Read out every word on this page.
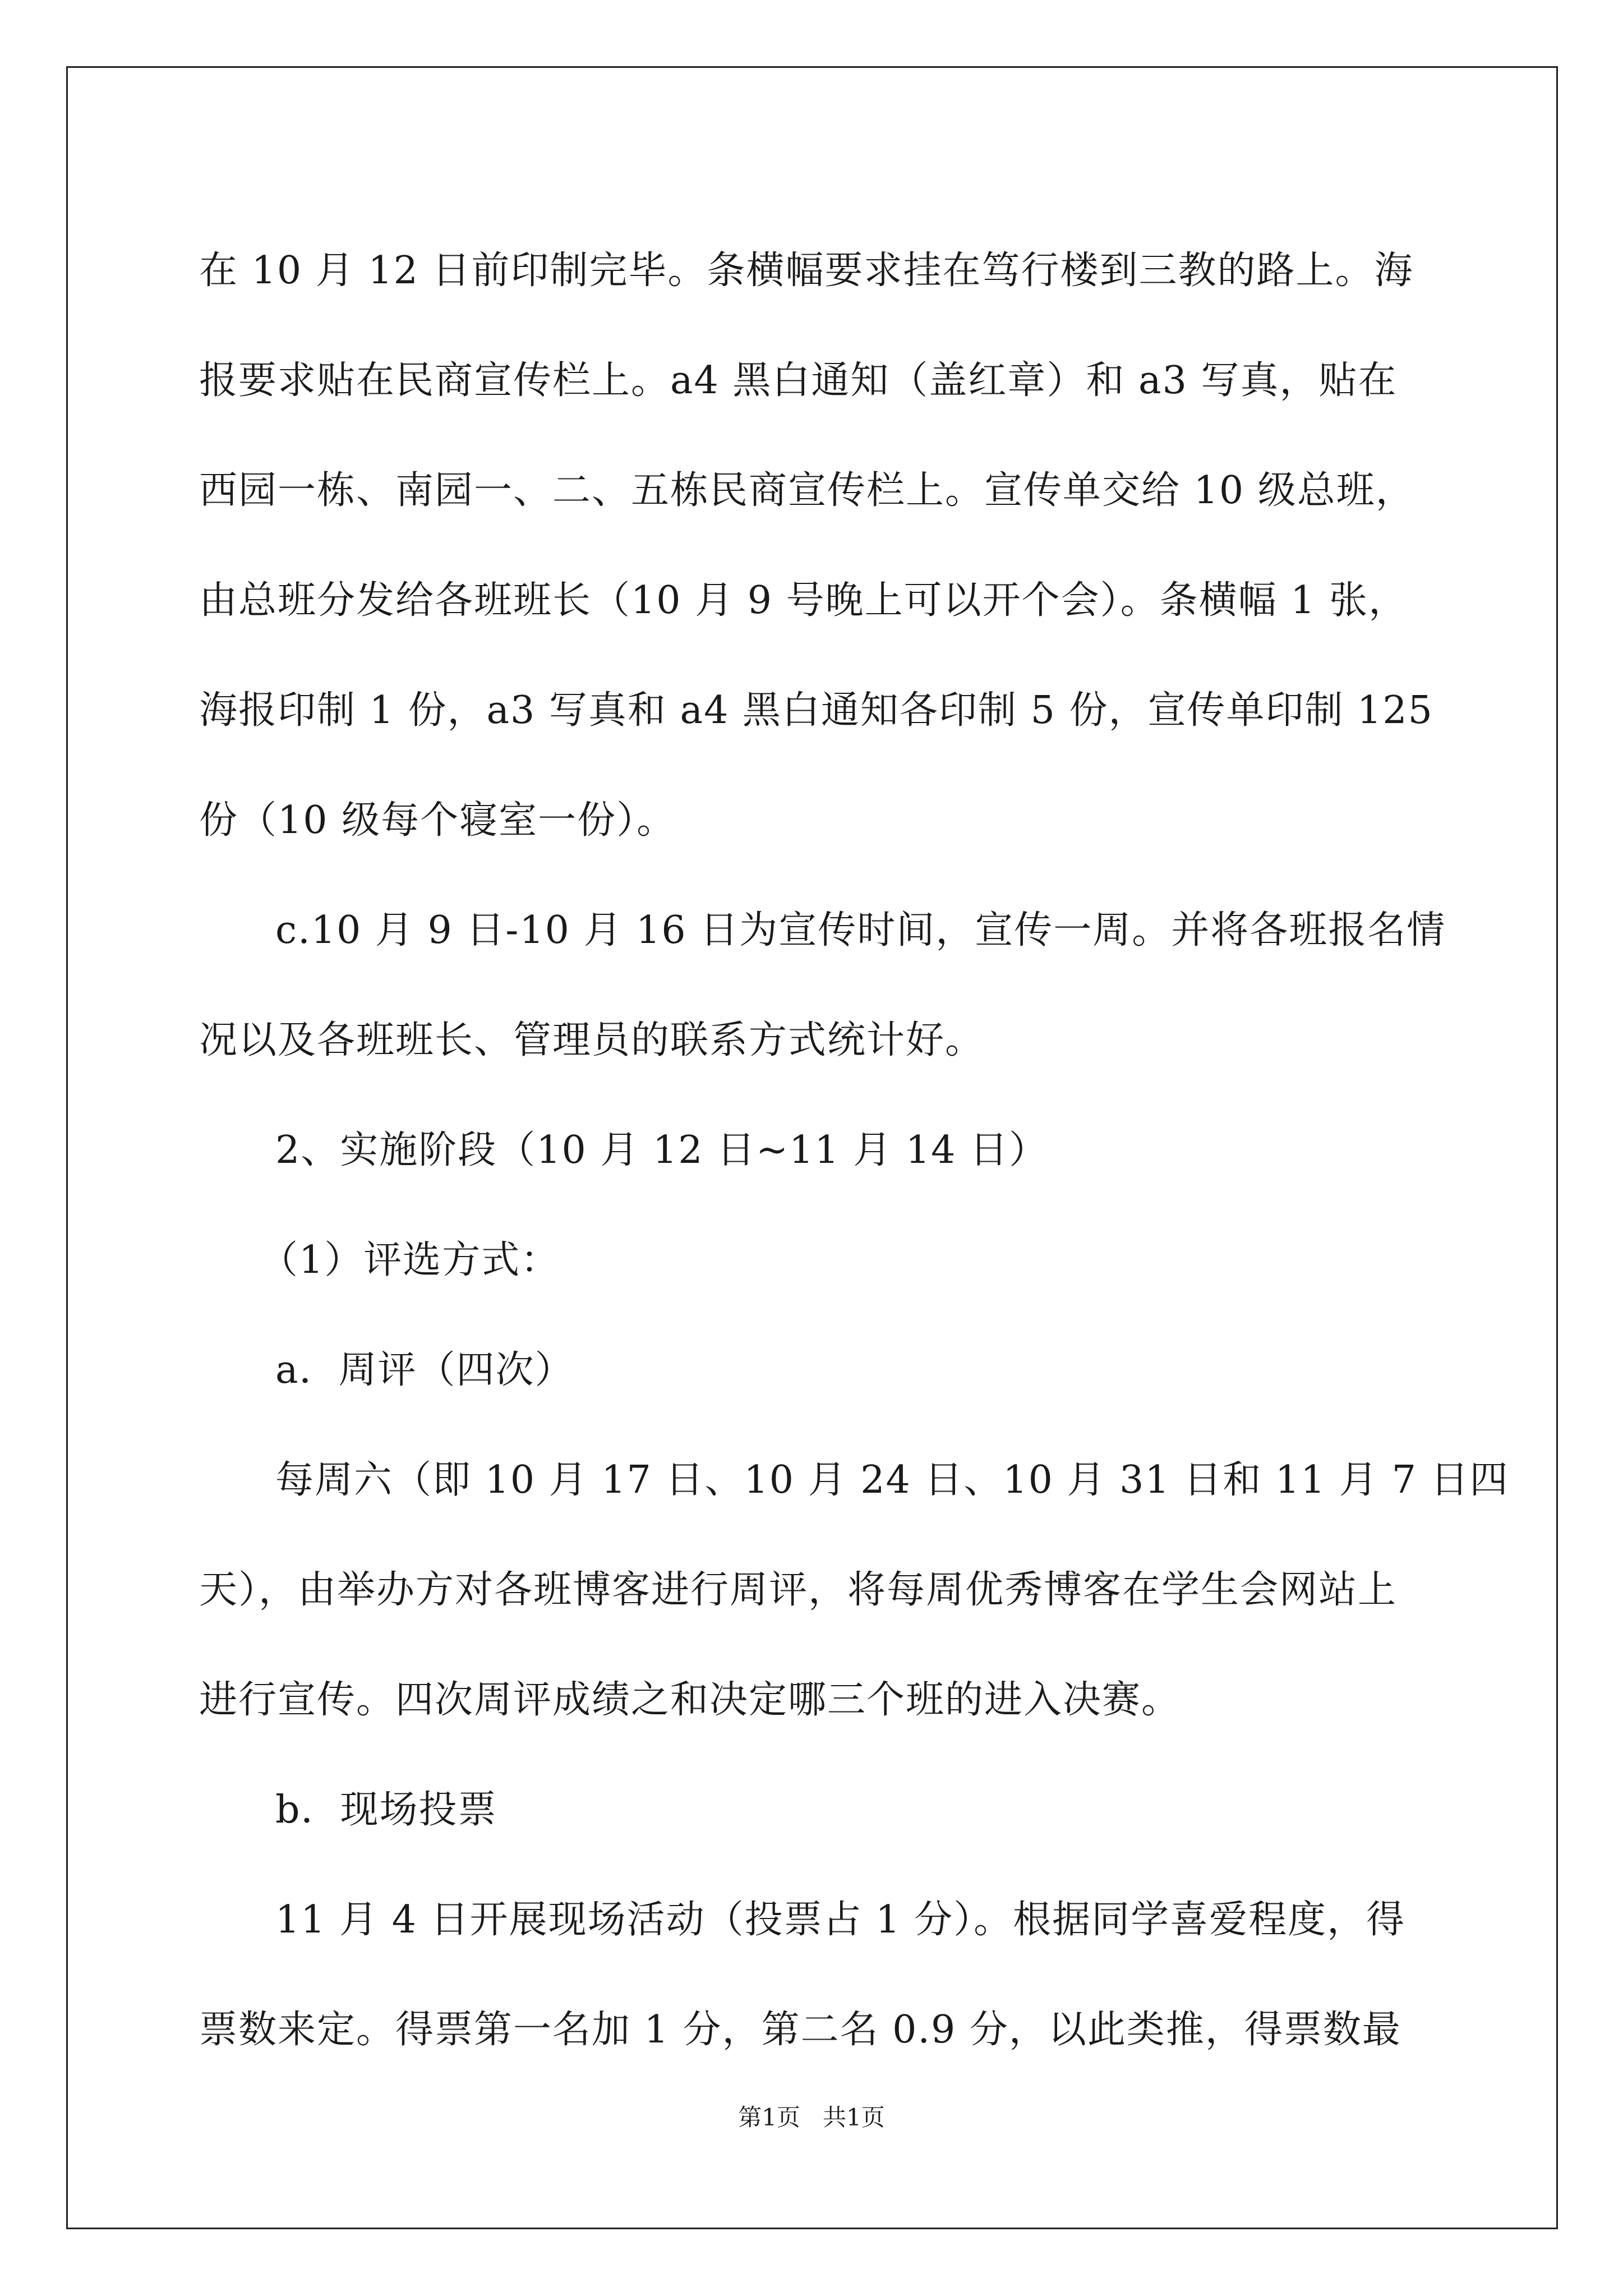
在 10 月 12 日前印制完毕。条横幅要求挂在笃行楼到三教的路上。海
报要求贴在民商宣传栏上。a4 黑白通知（盖红章）和 a3 写真，贴在
西园一栋、南园一、二、五栋民商宣传栏上。宣传单交给 10 级总班，
由总班分发给各班班长（10 月 9 号晚上可以开个会）。条横幅 1 张，
海报印制 1 份，a3 写真和 a4 黑白通知各印制 5 份，宣传单印制 125
份（10 级每个寝室一份）。
c.10 月 9 日-10 月 16 日为宣传时间，宣传一周。并将各班报名情
况以及各班班长、管理员的联系方式统计好。
2、实施阶段（10 月 12 日~11 月 14 日）
（1）评选方式：
a．周评（四次）
每周六（即 10 月 17 日、10 月 24 日、10 月 31 日和 11 月 7 日四
天），由举办方对各班博客进行周评，将每周优秀博客在学生会网站上
进行宣传。四次周评成绩之和决定哪三个班的进入决赛。
b．现场投票
11 月 4 日开展现场活动（投票占 1 分）。根据同学喜爱程度，得
票数来定。得票第一名加 1 分，第二名 0.9 分，以此类推，得票数最
第1页   共1页
